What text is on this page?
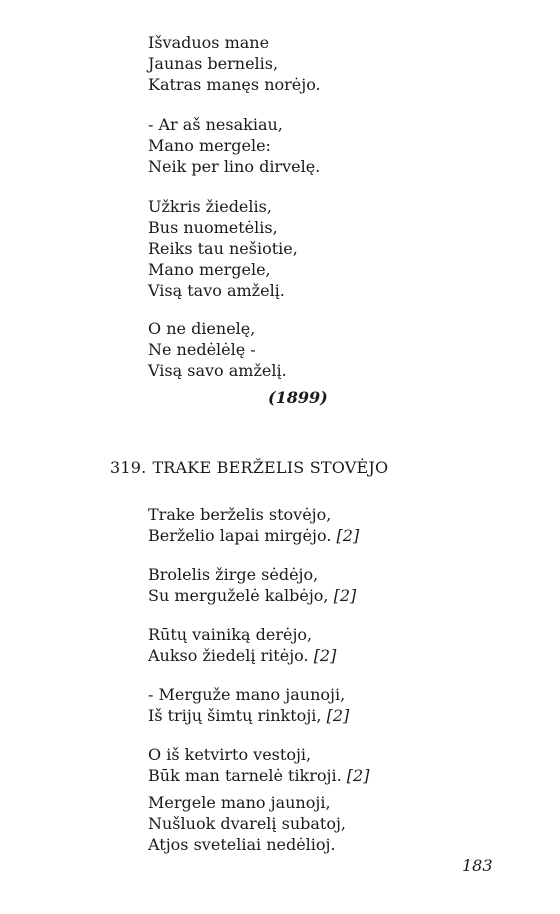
Išvaduos mane
Jaunas bernelis,
Katras manęs norėjo.
- Ar aš nesakiau,
Mano mergele:
Neik per lino dirvelę.
Užkris žiedelis,
Bus nuometėlis,
Reiks tau nešiotie,
Mano mergele,
Visą tavo amželį.
O ne dienelę,
Ne nedėlėlę -
Visą savo amželį.
(1899)
319. TRAKE BERŽELIS STOVĖJO
Trake berželis stovėjo,
Berželio lapai mirgėjo. [2]
Brolelis žirge sėdėjo,
Su merguželė kalbėjo, [2]
Rūtų vainiką derėjo,
Aukso žiedelį ritėjo. [2]
- Merguže mano jaunoji,
Iš trijų šimtų rinktoji, [2]
O iš ketvirto vestoji,
Būk man tarnelė tikroji. [2]
Mergele mano jaunoji,
Nušluok dvarelį subatoj,
Atjos sveteliai nedėlioj.
183
